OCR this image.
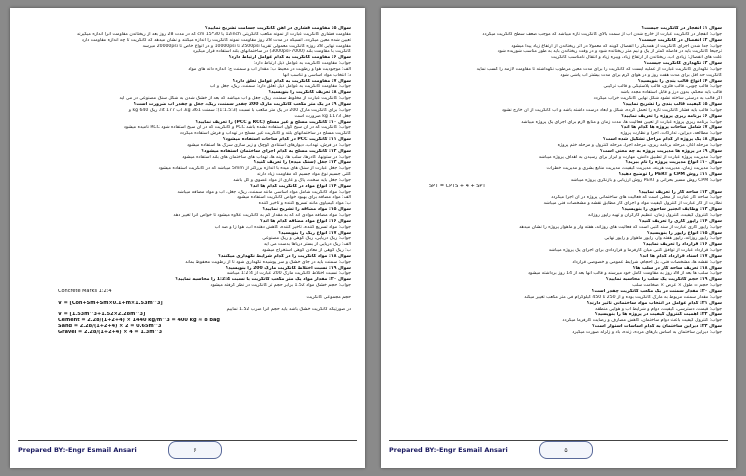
سوال ۵: مقاومت فشاری در آهن کانکریت جسامت تشریح نمایید؟
مقاومت فشاری کانکریت عبارت از نمونه مکعب کانکریتی 12inch یا 30*15 cm که در مدت 28 روز بعد از ریختاندن مقاومت آنرا اندازه میگیرند
تعیین شده معین میگردد، انسیکه در مدت 28 روز مقاومت نمونه کانکریت را اندازه میکنند و نشان میدهد که کانکریت تا چه اندازه مقاومت دارد
مقاومت نهایی 28 روزه کانکریت معمولی تقریباً 2500psi تا 10000psi و در انواع خاص تا 20000psi میرسد
کانکریت با مقاومت بلند (7000-3000psi) در ساختمانهای بلند استفاده قرار میگیرد
سوال ۶: مقاومت کانکریت به کدام عوامل ارتباط دارد؟
جواب: مقاومت کانکریت به عوامل ذیل ارتباط دارد:
الف: موجودیت هوا و رطوبت در محیط ب: مقدار آب و سمنت ج: اندازه دانه های مواد
د: انتخاب مواد اساسی و تناسب آنها
سوال ۷: مقاومت کانکریت به کدام عوامل تعلق دارد؟
جواب: مقاومت کانکریت به عوامل ذیل تعلق دارد: سمنت، ریگ، جغل و آب
سوال ۸: تعریف کانکریت را بنویسید؟
جواب: کانکریت عبارت از مخلوط سمنت، ریگ، جغل و آب میباشد که بعد از خشک شدن به شکل سنگ مصنوعی در می آید
سوال ۹: در یک متر مکعب کانکریت مارک 200 چقدر سمنت، ریگ، جغل و چقدر آب ضرورت است؟
جواب: برای کانکریت مارک 200 در یک متر مکعب با نسبت (1:1.5:3): سمنت 361 kg، آب 177 lit، ریگ 640 kg و
جغل 1173 kg ضرورت است
سوال ۱۰: کانکریت مسلح و غیر مسلح (RCC و PCC) را تعریف نمایید؟
جواب: کانکریت که در آن سیخ گول استفاده نشده باشد PCC و کانکریت که در آن سیخ استفاده شود RCC نامیده میشود
کانکریت مسلح در ساختمانهای بلند و کانکریت غیر مسلح در تهداب و فرش استفاده میگردد
سوال ۱۱: کانکریت PCC در کدام ساحات استفاده میشود؟
جواب: در فرش، تهداب، دیوارهای استنادی کوچک و زیر سازی سرک ها استفاده میشود
سوال ۱۲: کانکریت مسلح به کدام اجزای ساختمان استفاده میشود؟
جواب: در ستونها، گادرها، سلب ها، زینه ها، تهداب های ساختمان های بلند استفاده میشود
سوال ۱۳: جغل (سنگ میده) را تعریف کنید؟
جواب: جغل عبارت از سنگ های میده با اندازه بزرگتر از 5mm میباشد که در کانکریت استفاده میشود
کلتی جسیم نوع مواد جسیم که مقاومت زیاد دارند
جواب: جغل باید سخت، پاک و عاری از مواد عضوی و گل باشد
سوال ۱۴: انواع مواد در کانکریت کدام ها اند؟
جواب: مواد کانکریت شامل مواد اساسی مانند سمنت، ریگ، جغل، آب و مواد مضافه میباشد
الف: مواد مضافه برای بهبود خواص کانکریت استفاده میشود
ب: مواد کیمیاوی مانند تسریع کننده و تاخیر کننده
سوال ۱۵: مواد مضافه را تشریح نمایید؟
جواب: مواد مضافه موادی اند که به مقدار کم به کانکریت علاوه میشود تا خواص آنرا تغییر دهد
سوال ۱۶: انواع مواد مضافه کدام ها اند؟
جواب: مواد تسریع کننده، تاخیر کننده، کاهش دهنده آب، هوا زا و ضد آب
سوال ۱۷: انواع ریگ را بنویسید؟
جواب: ریگ دریایی، ریگ کوهی و ریگ مصنوعی
الف: ریگ دریایی از بستر دریاها بدست می آید
ب: ریگ کوهی از معادن کوهی استخراج میشود
سوال ۱۸: مواد کانکریت را در کدام شرایط نگهداری میکنند؟
جواب: سمنت باید در جای خشک و سر پوشیده نگهداری شود تا از رطوبت محفوظ بماند
سوال ۱۹: نسبت اختلاط کانکریت مارک 200 را بنویسید؟
جواب: نسبت اختلاط کانکریت مارک 200 عبارت از 1:2:4 میباشد
سوال ۲۰: مقدار مواد یک متر مکعب کانکریت با نسبت 1:2:4 را محاسبه نمایید؟
جواب: حجم خشک مواد 1.52 برابر حجم تر کانکریت در نظر گرفته میشود
Concrete Marks 1:2:4
حجم مجموعی کانکریت
V = [Con+Sm+Sm×0.1+m×1.53m^3]
در صورتیکه کانکریت خشک باشد باید حجم آنرا ضرب 1.52 نماییم
V = [1.53m^3+1.52×2.28m^3]
Cement = 2.28/(1+2+4) × 1440 kg/m^3 = 400 kg ≈ 8 bag
Sand = 2.28/(1+2+4) × 2 = 0.65m^3
Gravel = 2.28/(1+2+4) × 4 = 1.3m^3
Prepared BY:-Engr Esmail Ansari	۶
سوال ۱: انفجار در کانکریت جیست؟
جواب: انفجار در کانکریت عبارت از خارج شدن آب از سمت بالای کانکریت تازه میباشد که موجب ضعف سطح کانکریت میگردد
سوال ۲: انفصال در کانکریت جیست؟
جواب: جدا شدن اجزای کانکریت از همدیگر را انفصال گویند که معمولاً در اثر ریختاندن از ارتفاع زیاد پیدا میشود
ترجیحاً کانکریت باید در فاصله کمتر از یک و نیم متر ریختانده شود و در وقت ریختاندن باید به طور مناسب شوریده شود
علت های انفصال: زیادی آب، ریختاندن از ارتفاع زیاد، ویبره زیاد و انتقال نامناسب کانکریت
سوال ۳: نگهداری کانکریت جیست؟
جواب: نگهداری کانکریت عبارت از عملیه ایست که کانکریت را برای مدت معین مرطوب نگهداشته تا مقاومت لازمه را کسب نماید
کانکریت حد اقل برای مدت هفت روز و در هوای گرم برای مدت بیشتر آب پاشی شود
سوال ۴: انواع قالب بندی را بنویسید؟
جواب: قالب چوبی، قالب فلزی، قالب پلاستیکی و قالب ترکیبی
قالب باید محکم، بدون درز و قابل استفاده مجدد باشد
اگر قالب به درستی ساخته نشود شکل نهایی کانکریت خراب میگردد
سوال ۵: کیفیت قالب بندی را تشریح نمایید؟
جواب: قالب باید فشار کانکریت تازه را تحمل کرده، شکل و ابعاد درست داشته باشد و آب کانکریت از آن خارج نشود
سوال ۶: برنامه ریزی پروژه را تعریف نمایید؟
جواب: برنامه ریزی پروژه عبارت از تعیین فعالیت ها، مدت زمان و منابع لازم برای اجرای یک پروژه میباشد
سوال ۷: شامل ساحات پروژه ها کدام ها اند؟
جواب: مطالعه، دیزاین، تدارکات، اجرا و نظارت پروژه
سوال ۸: یک پروژه از کدام مراحل تشکیل شده است؟
جواب: مرحله آغاز، مرحله برنامه ریزی، مرحله اجرا، مرحله کنترول و مرحله ختم پروژه
سوال ۹: در پروژه ها مدیریت پروژه به چه معنی است؟
جواب: مدیریت پروژه عبارت از تطبیق دانش، مهارت و ابزار برای رسیدن به اهداف پروژه میباشد
سوال ۱۰: انواع مدیریت پروژه را نام ببرید؟
جواب: مدیریت زمان، مدیریت هزینه، مدیریت کیفیت، مدیریت منابع بشری و مدیریت خطرات
سوال ۱۱: روش CPM و PERT را توضیح دهید؟
جواب: CPM روش مسیر بحرانی و PERT روش ارزیابی و بازنگری پروژه میباشد
SPT = CPTS + 4 + SPT
سوال ۱۲: ساحه کار را تعریف نمایید؟
جواب: ساحه کار عبارت از محلی است که فعالیت های ساختمانی پروژه در آن اجرا میگردد
نظارت از کار عبارت از کنترول کیفیت مواد و اجرای کار مطابق نقشه و مشخصات فنی میباشد
سوال ۱۳: وظایف انجنیر ساحوی را بنویسید؟
جواب: کنترول کیفیت، کنترول زمان، تنظیم کارگران و تهیه راپور روزانه
سوال ۱۴: راپور کاری را تعریف کنید؟
جواب: راپور کاری عبارت از سند کتبی است که فعالیت های روزانه، هفته وار و ماهوار پروژه را نشان میدهد
سوال ۱۵: انواع راپور را بنویسید؟
جواب: راپور روزانه، راپور هفته وار، راپور ماهوار و راپور نهایی
سوال ۱۶: قرارداد را تعریف نمایید؟
جواب: قرارداد عبارت از توافق کتبی میان کارفرما و قراردادی برای اجرای یک پروژه میباشد
سوال ۱۷: اسناد قرارداد کدام ها اند؟
جواب: نقشه ها، مشخصات فنی، بل احجام، شرایط عمومی و خصوصی قرارداد
سوال ۱۸: تعریف ساحه کار در سلب ها؟
جواب: سلب ها بعد از 28 روز به مقاومت کامل خود میرسند و قالب آنها بعد از 14 روز برداشته میشود
سوال ۱۹: حجم کانکریت یک سلب را محاسبه نمایید؟
جواب: حجم = طول × عرض × ضخامت سلب
سوال ۲۰: مقدار سمنت در یک مکعب کانکریت چقدر است؟
جواب: مقدار سمنت مربوط به مارک کانکریت بوده و از 250 تا 450 کیلوگرام فی متر مکعب تغییر میکند
سوال ۲۱: کدام عوامل در انتخاب مواد ساختمانی تاثیر دارند؟
جواب: قیمت، دسترسی، کیفیت، دوام و شرایط آب و هوایی منطقه
سوال ۲۲: اهمیت کنترول کیفیت در پروژه ها را بنویسید؟
جواب: کنترول کیفیت باعث دوام ساختمان، کاهش مصارف و رضایت کارفرما میگردد
سوال ۲۳: دیزاین ساختمان به کدام اساسات استوار است؟
جواب: دیزاین ساختمان به اساس بارهای مرده، زنده، باد و زلزله صورت میگیرد
Prepared BY:-Engr Esmail Ansari	۵
